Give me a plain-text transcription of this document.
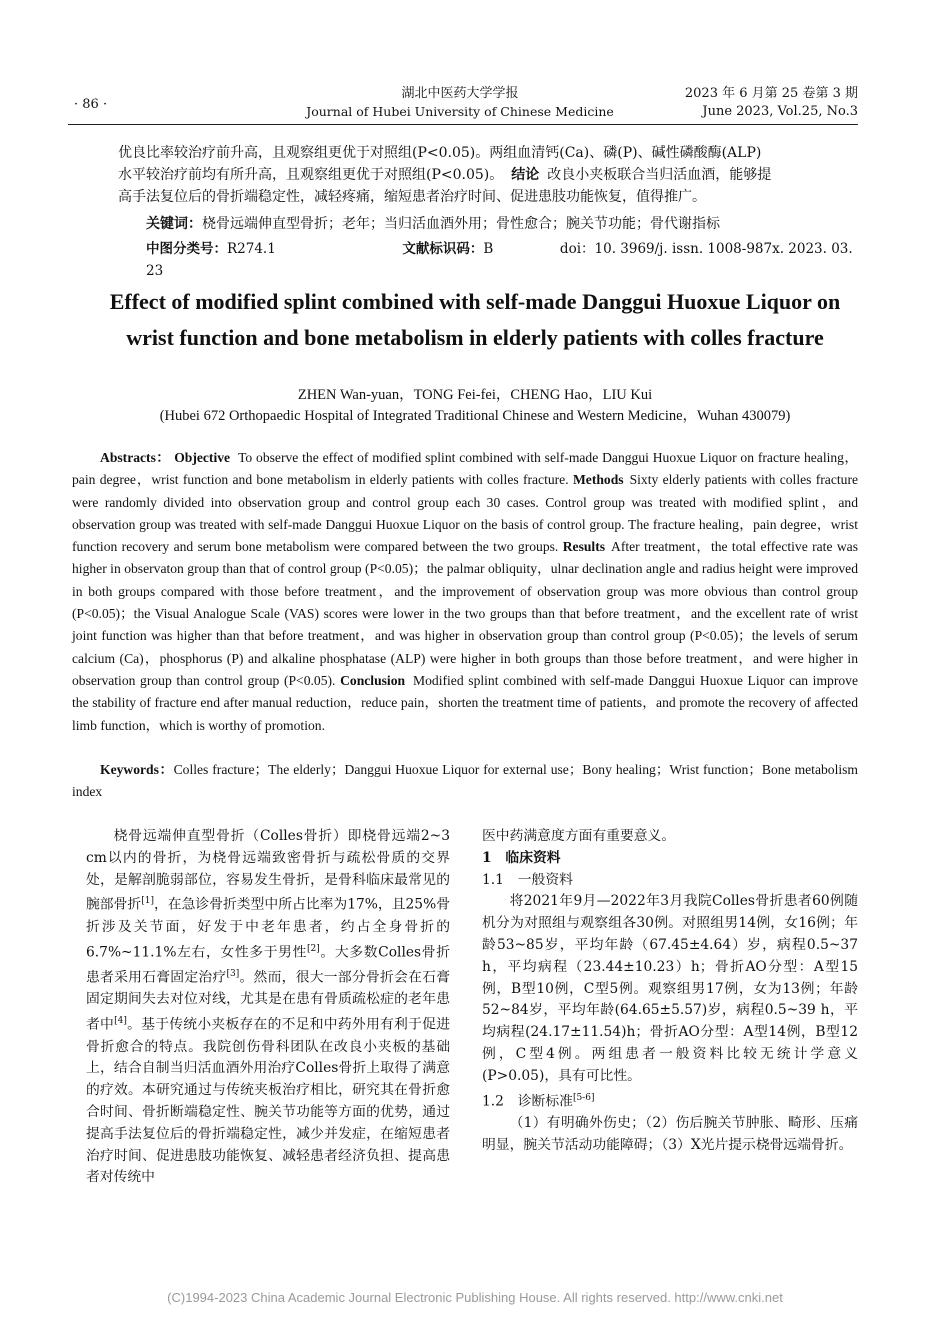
· 86 ·
湖北中医药大学学报
Journal of Hubei University of Chinese Medicine
2023 年 6 月第 25 卷第 3 期
June 2023, Vol.25, No.3
优良比率较治疗前升高，且观察组更优于对照组(P<0.05)。两组血清钙(Ca)、磷(P)、碱性磷酸酶(ALP)
水平较治疗前均有所升高，且观察组更优于对照组(P<0.05)。 结论 改良小夹板联合当归活血酒，能够提
高手法复位后的骨折端稳定性，减轻疼痛，缩短患者治疗时间、促进患肢功能恢复，值得推广。
关键词：桡骨远端伸直型骨折；老年；当归活血酒外用；骨性愈合；腕关节功能；骨代谢指标
中图分类号：R274.1	文献标识码：B	doi：10. 3969/j. issn. 1008-987x. 2023. 03. 23
Effect of modified splint combined with self-made Danggui Huoxue Liquor on
wrist function and bone metabolism in elderly patients with colles fracture
ZHEN Wan-yuan，TONG Fei-fei，CHENG Hao，LIU Kui
(Hubei 672 Orthopaedic Hospital of Integrated Traditional Chinese and Western Medicine，Wuhan 430079)
Abstracts： Objective To observe the effect of modified splint combined with self-made Danggui Huoxue Liquor on fracture healing，pain degree，wrist function and bone metabolism in elderly patients with colles fracture. Methods Sixty elderly patients with colles fracture were randomly divided into observation group and control group each 30 cases. Control group was treated with modified splint，and observation group was treated with self-made Danggui Huoxue Liquor on the basis of control group. The fracture healing，pain degree，wrist function recovery and serum bone metabolism were compared between the two groups. Results After treatment，the total effective rate was higher in observaton group than that of control group (P<0.05)；the palmar obliquity，ulnar declination angle and radius height were improved in both groups compared with those before treatment，and the improvement of observation group was more obvious than control group (P<0.05)；the Visual Analogue Scale (VAS) scores were lower in the two groups than that before treatment，and the excellent rate of wrist joint function was higher than that before treatment，and was higher in observation group than control group (P<0.05)；the levels of serum calcium (Ca)，phosphorus (P) and alkaline phosphatase (ALP) were higher in both groups than those before treatment，and were higher in observation group than control group (P<0.05). Conclusion Modified splint combined with self-made Danggui Huoxue Liquor can improve the stability of fracture end after manual reduction，reduce pain，shorten the treatment time of patients，and promote the recovery of affected limb function，which is worthy of promotion.
Keywords：Colles fracture；The elderly；Danggui Huoxue Liquor for external use；Bony healing；Wrist function；Bone metabolism index

桡骨远端伸直型骨折（Colles骨折）即桡骨远端2~3 cm以内的骨折，为桡骨远端致密骨折与疏松骨质的交界处，是解剖脆弱部位，容易发生骨折，是骨科临床最常见的腕部骨折[1]，在急诊骨折类型中所占比率为17%，且25%骨折涉及关节面，好发于中老年患者，约占全身骨折的6.7%~11.1%左右，女性多于男性[2]。大多数Colles骨折患者采用石膏固定治疗[3]。然而，很大一部分骨折会在石膏固定期间失去对位对线，尤其是在患有骨质疏松症的老年患者中[4]。基于传统小夹板存在的不足和中药外用有利于促进骨折愈合的特点。我院创伤骨科团队在改良小夹板的基础上，结合自制当归活血酒外用治疗Colles骨折上取得了满意的疗效。本研究通过与传统夹板治疗相比，研究其在骨折愈合时间、骨折断端稳定性、腕关节功能等方面的优势，通过提高手法复位后的骨折端稳定性，减少并发症，在缩短患者治疗时间、促进患肢功能恢复、减轻患者经济负担、提高患者对传统中

医中药满意度方面有重要意义。

1　临床资料

1.1　一般资料

将2021年9月—2022年3月我院Colles骨折患者60例随机分为对照组与观察组各30例。对照组男14例，女16例；年龄53~85岁，平均年龄（67.45±4.64）岁，病程0.5~37 h，平均病程（23.44±10.23）h；骨折AO分型：A型15例，B型10例，C型5例。观察组男17例，女为13例；年龄52~84岁，平均年龄(64.65±5.57)岁，病程0.5~39 h，平均病程(24.17±11.54)h；骨折AO分型：A型14例，B型12例，C型4例。两组患者一般资料比较无统计学意义(P>0.05)，具有可比性。

1.2　诊断标准[5-6]

（1）有明确外伤史；（2）伤后腕关节肿胀、畸形、压痛明显，腕关节活动功能障碍；（3）X光片提示桡骨远端骨折。

(C)1994-2023 China Academic Journal Electronic Publishing House. All rights reserved. http://www.cnki.net
